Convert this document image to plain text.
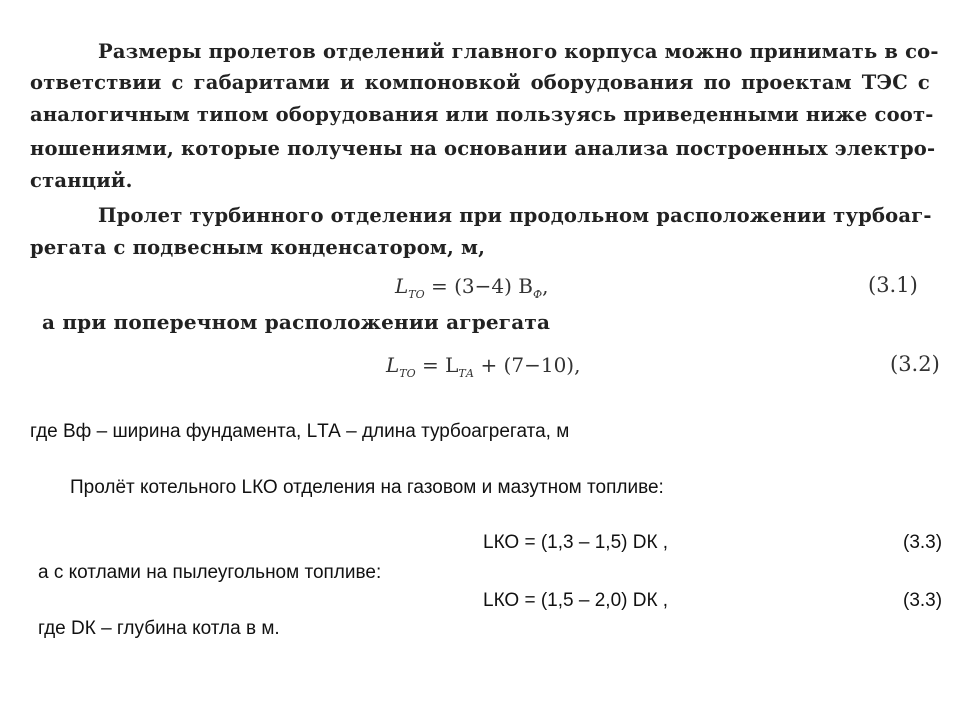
Размеры пролетов отделений главного корпуса можно принимать в со-
ответствии с габаритами и компоновкой оборудования по проектам ТЭС с
аналогичным типом оборудования или пользуясь приведенными ниже соот-
ношениями, которые получены на основании анализа построенных электро-
станций.
Пролет турбинного отделения при продольном расположении турбоаг-
регата с подвесным конденсатором, м,
$L_{ТО} = (3-4)$ $B_Ф$,	(3.1)
а при поперечном расположении агрегата
$L_{ТО} = L_{ТА} + (7-10)$,	(3.2)
где Вф – ширина фундамента, LТА – длина турбоагрегата, м
Пролёт котельного LКО отделения на газовом и мазутном топливе:
LКО = (1,3 – 1,5) DК ,	(3.3)
а с котлами на пылеугольном топливе:
LКО = (1,5 – 2,0) DК ,	(3.3)
где DК – глубина котла в м.
